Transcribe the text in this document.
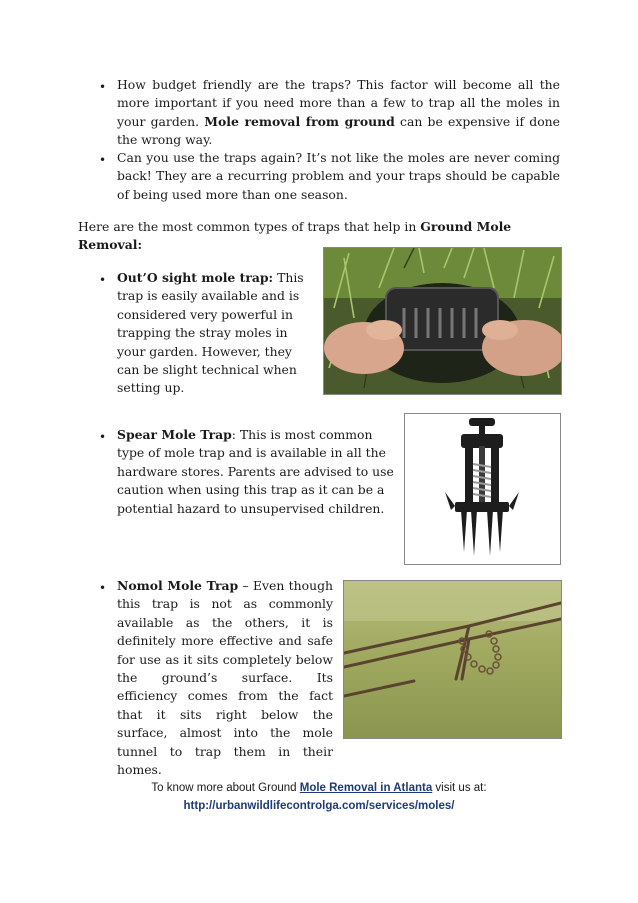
• How budget friendly are the traps? This factor will become all the more important if you need more than a few to trap all the moles in your garden. Mole removal from ground can be expensive if done the wrong way.
• Can you use the traps again? It’s not like the moles are never coming back! They are a recurring problem and your traps should be capable of being used more than one season.
Here are the most common types of traps that help in Ground Mole Removal:
• Out’O sight mole trap: This trap is easily available and is considered very powerful in trapping the stray moles in your garden. However, they can be slight technical when setting up.
• Spear Mole Trap: This is most common type of mole trap and is available in all the hardware stores. Parents are advised to use caution when using this trap as it can be a potential hazard to unsupervised children.
• Nomol Mole Trap – Even though this trap is not as commonly available as the others, it is definitely more effective and safe for use as it sits completely below the ground’s surface. Its efficiency comes from the fact that it sits right below the surface, almost into the mole tunnel to trap them in their homes.
To know more about Ground Mole Removal in Atlanta visit us at:
http://urbanwildlifecontrolga.com/services/moles/
